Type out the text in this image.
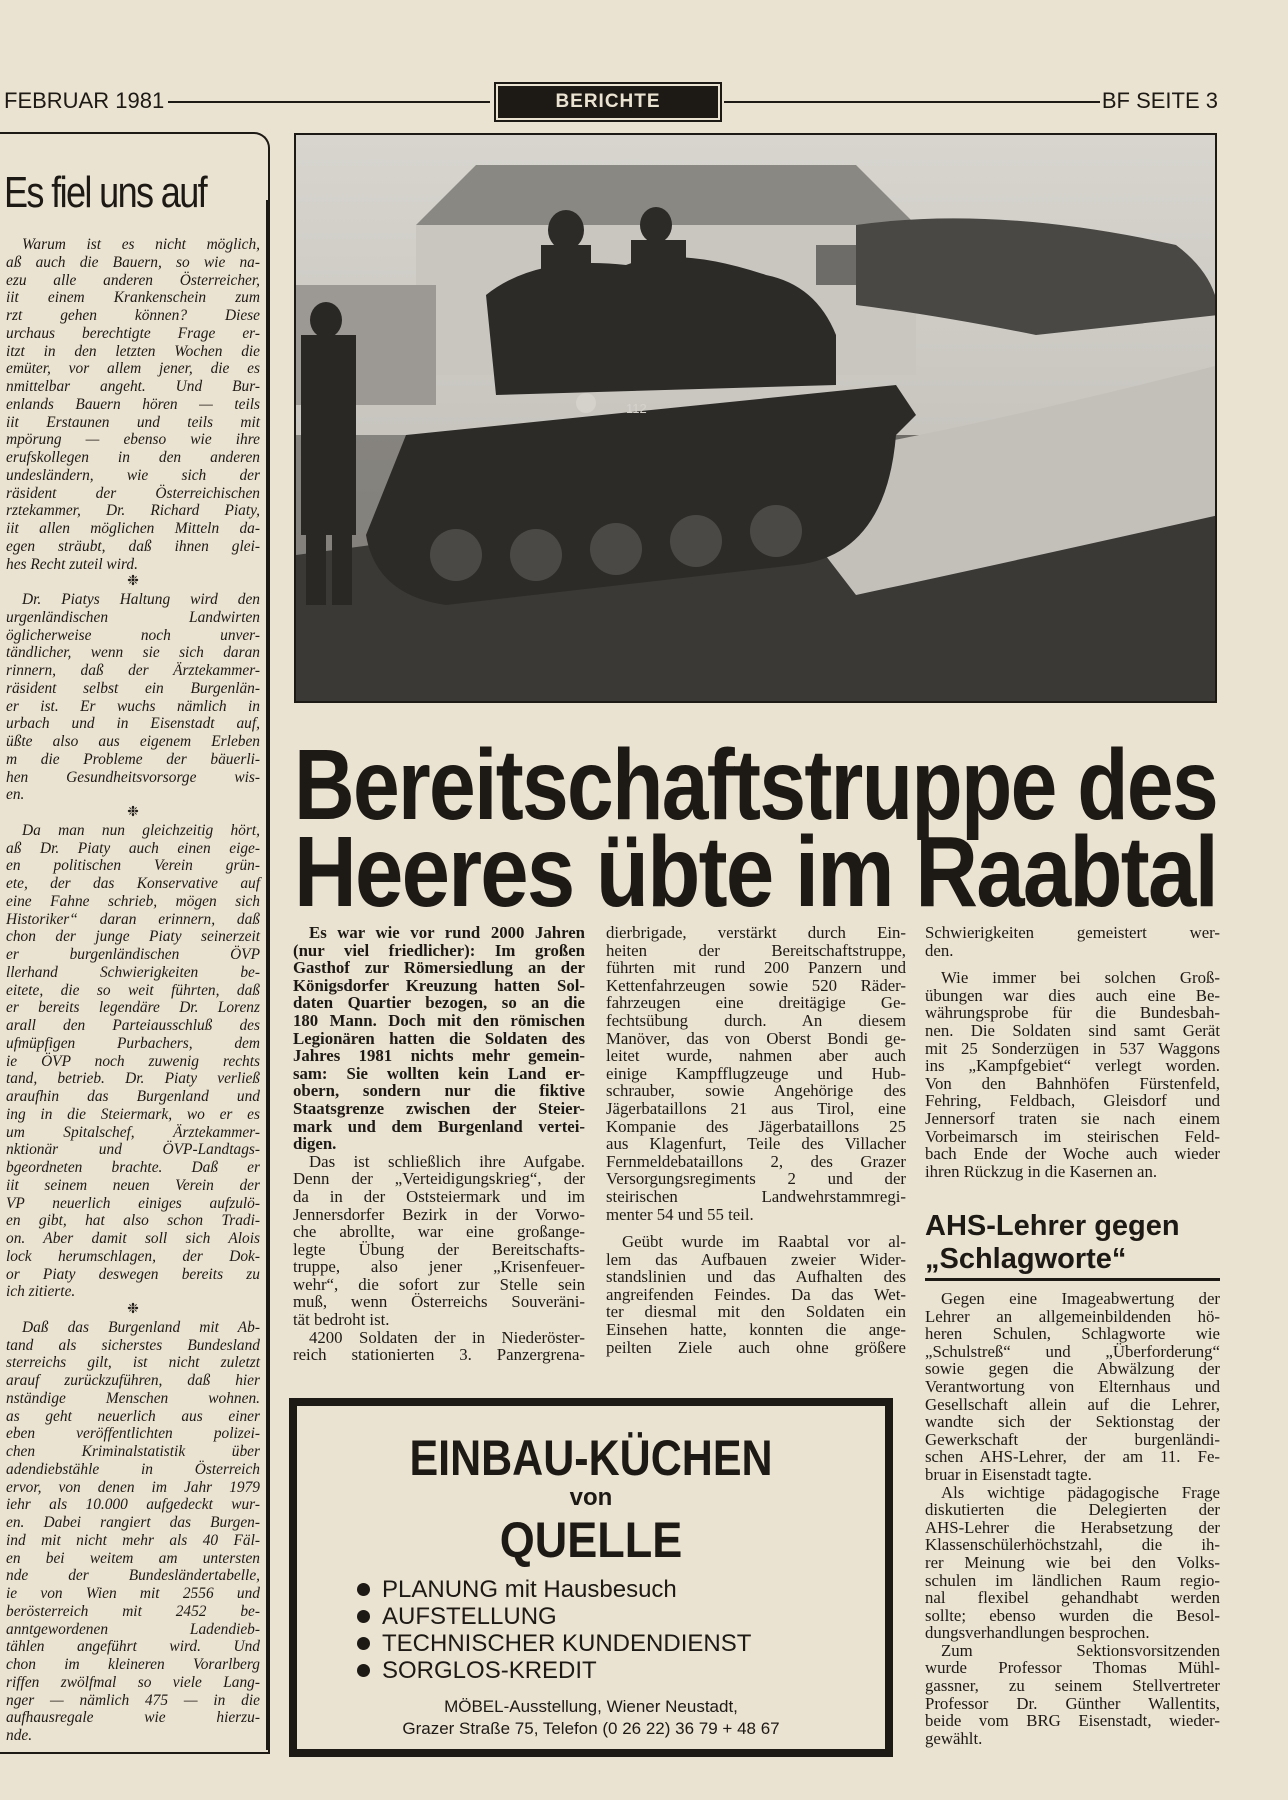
FEBRUAR 1981	BERICHTE	BF SEITE 3
Es fiel uns auf
Warum ist es nicht möglich,
aß auch die Bauern, so wie na-
ezu alle anderen Österreicher,
iit einem Krankenschein zum
rzt gehen können? Diese
urchaus berechtigte Frage er-
itzt in den letzten Wochen die
emüter, vor allem jener, die es
nmittelbar angeht. Und Bur-
enlands Bauern hören — teils
iit Erstaunen und teils mit
mpörung — ebenso wie ihre
erufskollegen in den anderen
undesländern, wie sich der
räsident der Österreichischen
rztekammer, Dr. Richard Piaty,
iit allen möglichen Mitteln da-
egen sträubt, daß ihnen glei-
hes Recht zuteil wird.
❉
Dr. Piatys Haltung wird den
urgenländischen Landwirten
öglicherweise noch unver-
tändlicher, wenn sie sich daran
rinnern, daß der Ärztekammer-
räsident selbst ein Burgenlän-
er ist. Er wuchs nämlich in
urbach und in Eisenstadt auf,
üßte also aus eigenem Erleben
m die Probleme der bäuerli-
hen Gesundheitsvorsorge wis-
en.
❉
Da man nun gleichzeitig hört,
aß Dr. Piaty auch einen eige-
en politischen Verein grün-
ete, der das Konservative auf
eine Fahne schrieb, mögen sich
Historiker“ daran erinnern, daß
chon der junge Piaty seinerzeit
er burgenländischen ÖVP
llerhand Schwierigkeiten be-
eitete, die so weit führten, daß
er bereits legendäre Dr. Lorenz
arall den Parteiausschluß des
ufmüpfigen Purbachers, dem
ie ÖVP noch zuwenig rechts
tand, betrieb. Dr. Piaty verließ
araufhin das Burgenland und
ing in die Steiermark, wo er es
um Spitalschef, Ärztekammer-
nktionär und ÖVP-Landtags-
bgeordneten brachte. Daß er
iit seinem neuen Verein der
VP neuerlich einiges aufzulö-
en gibt, hat also schon Tradi-
on. Aber damit soll sich Alois
lock herumschlagen, der Dok-
or Piaty deswegen bereits zu
ich zitierte.
❉
Daß das Burgenland mit Ab-
tand als sicherstes Bundesland
sterreichs gilt, ist nicht zuletzt
arauf zurückzuführen, daß hier
nständige Menschen wohnen.
as geht neuerlich aus einer
eben veröffentlichten polizei-
chen Kriminalstatistik über
adendiebstähle in Österreich
ervor, von denen im Jahr 1979
iehr als 10.000 aufgedeckt wur-
en. Dabei rangiert das Burgen-
ind mit nicht mehr als 40 Fäl-
en bei weitem am untersten
nde der Bundesländertabelle,
ie von Wien mit 2556 und
berösterreich mit 2452 be-
anntgewordenen Ladendieb-
tählen angeführt wird. Und
chon im kleineren Vorarlberg
riffen zwölfmal so viele Lang-
nger — nämlich 475 — in die
aufhausregale wie hierzu-
nde.
112
Bereitschaftstruppe des
Heeres übte im Raabtal
Es war wie vor rund 2000 Jahren
(nur viel friedlicher): Im großen
Gasthof zur Römersiedlung an der
Königsdorfer Kreuzung hatten Sol-
daten Quartier bezogen, so an die
180 Mann. Doch mit den römischen
Legionären hatten die Soldaten des
Jahres 1981 nichts mehr gemein-
sam: Sie wollten kein Land er-
obern, sondern nur die fiktive
Staatsgrenze zwischen der Steier-
mark und dem Burgenland vertei-
digen.
Das ist schließlich ihre Aufgabe.
Denn der „Verteidigungskrieg“, der
da in der Oststeiermark und im
Jennersdorfer Bezirk in der Vorwo-
che abrollte, war eine großange-
legte Übung der Bereitschafts-
truppe, also jener „Krisenfeuer-
wehr“, die sofort zur Stelle sein
muß, wenn Österreichs Souveräni-
tät bedroht ist.
4200 Soldaten der in Niederöster-
reich stationierten 3. Panzergrena-
dierbrigade, verstärkt durch Ein-
heiten der Bereitschaftstruppe,
führten mit rund 200 Panzern und
Kettenfahrzeugen sowie 520 Räder-
fahrzeugen eine dreitägige Ge-
fechtsübung durch. An diesem
Manöver, das von Oberst Bondi ge-
leitet wurde, nahmen aber auch
einige Kampfflugzeuge und Hub-
schrauber, sowie Angehörige des
Jägerbataillons 21 aus Tirol, eine
Kompanie des Jägerbataillons 25
aus Klagenfurt, Teile des Villacher
Fernmeldebataillons 2, des Grazer
Versorgungsregiments 2 und der
steirischen Landwehrstammregi-
menter 54 und 55 teil.
Geübt wurde im Raabtal vor al-
lem das Aufbauen zweier Wider-
standslinien und das Aufhalten des
angreifenden Feindes. Da das Wet-
ter diesmal mit den Soldaten ein
Einsehen hatte, konnten die ange-
peilten Ziele auch ohne größere
Schwierigkeiten gemeistert wer-
den.
Wie immer bei solchen Groß-
übungen war dies auch eine Be-
währungsprobe für die Bundesbah-
nen. Die Soldaten sind samt Gerät
mit 25 Sonderzügen in 537 Waggons
ins „Kampfgebiet“ verlegt worden.
Von den Bahnhöfen Fürstenfeld,
Fehring, Feldbach, Gleisdorf und
Jennersorf traten sie nach einem
Vorbeimarsch im steirischen Feld-
bach Ende der Woche auch wieder
ihren Rückzug in die Kasernen an.
AHS-Lehrer gegen
„Schlagworte“
Gegen eine Imageabwertung der
Lehrer an allgemeinbildenden hö-
heren Schulen, Schlagworte wie
„Schulstreß“ und „Überforderung“
sowie gegen die Abwälzung der
Verantwortung von Elternhaus und
Gesellschaft allein auf die Lehrer,
wandte sich der Sektionstag der
Gewerkschaft der burgenländi-
schen AHS-Lehrer, der am 11. Fe-
bruar in Eisenstadt tagte.
Als wichtige pädagogische Frage
diskutierten die Delegierten der
AHS-Lehrer die Herabsetzung der
Klassenschülerhöchstzahl, die ih-
rer Meinung wie bei den Volks-
schulen im ländlichen Raum regio-
nal flexibel gehandhabt werden
sollte; ebenso wurden die Besol-
dungsverhandlungen besprochen.
Zum Sektionsvorsitzenden
wurde Professor Thomas Mühl-
gassner, zu seinem Stellvertreter
Professor Dr. Günther Wallentits,
beide vom BRG Eisenstadt, wieder-
gewählt.
EINBAU-KÜCHEN
von
QUELLE
PLANUNG mit Hausbesuch
AUFSTELLUNG
TECHNISCHER KUNDENDIENST
SORGLOS-KREDIT
MÖBEL-Ausstellung, Wiener Neustadt,
Grazer Straße 75, Telefon (0 26 22) 36 79 + 48 67
